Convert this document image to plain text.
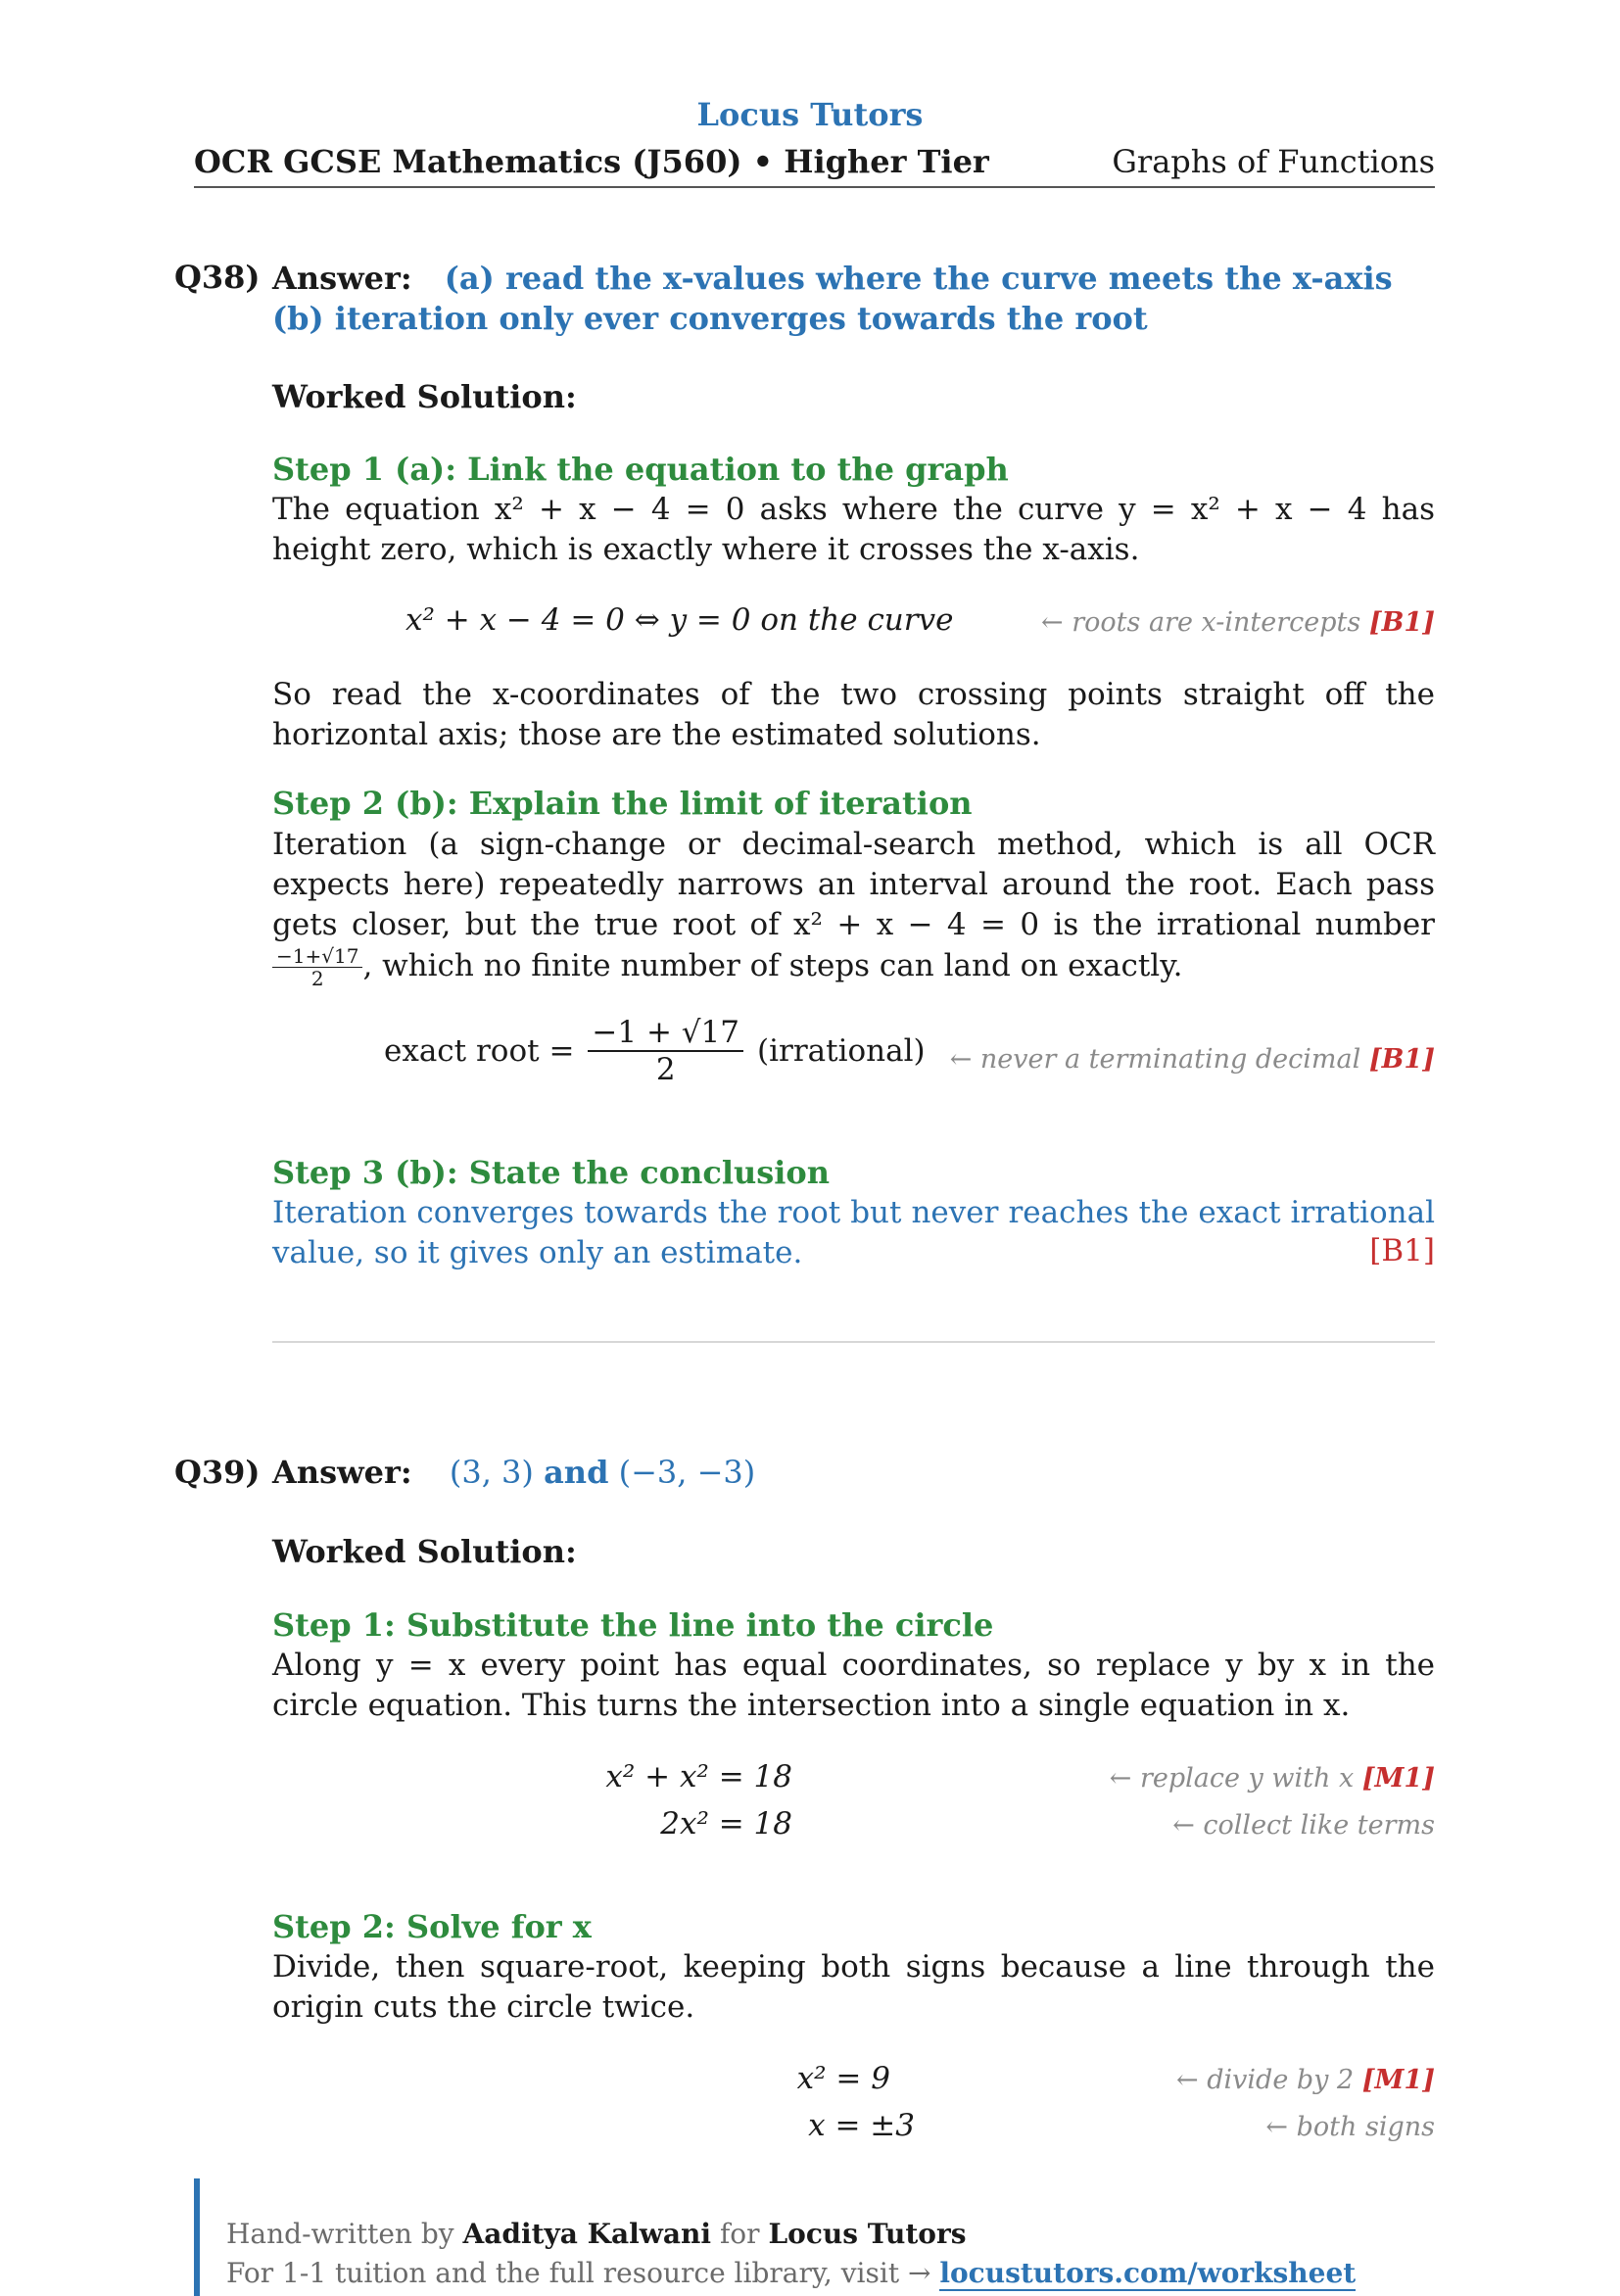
Locus Tutors
OCR GCSE Mathematics (J560) • Higher Tier	Graphs of Functions
Q38) Answer: (a) read the x-values where the curve meets the x-axis (b) iteration only ever converges towards the root
Worked Solution:
Step 1 (a): Link the equation to the graph
The equation x² + x − 4 = 0 asks where the curve y = x² + x − 4 has height zero, which is exactly where it crosses the x-axis.
x² + x − 4 = 0 ⇔ y = 0 on the curve	← roots are x-intercepts [B1]
So read the x-coordinates of the two crossing points straight off the horizontal axis; those are the estimated solutions.
Step 2 (b): Explain the limit of iteration
Iteration (a sign-change or decimal-search method, which is all OCR expects here) repeatedly narrows an interval around the root. Each pass gets closer, but the true root of x² + x − 4 = 0 is the irrational number
$\frac{-1+√17}{2}$ , which no finite number of steps can land on exactly.
exact root = $\frac{-1 + √17}{2}$ (irrational) ← never a terminating decimal [B1]
Step 3 (b): State the conclusion
Iteration converges towards the root but never reaches the exact irrational value, so it gives only an estimate.	[B1]
Q39) Answer: (3, 3) and (−3, −3)
Worked Solution:
Step 1: Substitute the line into the circle
Along y = x every point has equal coordinates, so replace y by x in the circle equation. This turns the intersection into a single equation in x.
x² + x² = 18	← replace y with x [M1]
2x² = 18	← collect like terms
Step 2: Solve for x
Divide, then square-root, keeping both signs because a line through the origin cuts the circle twice.
x² = 9	← divide by 2 [M1]
x = ±3	← both signs
Hand-written by Aaditya Kalwani for Locus Tutors
For 1-1 tuition and the full resource library, visit → locustutors.com/worksheet
